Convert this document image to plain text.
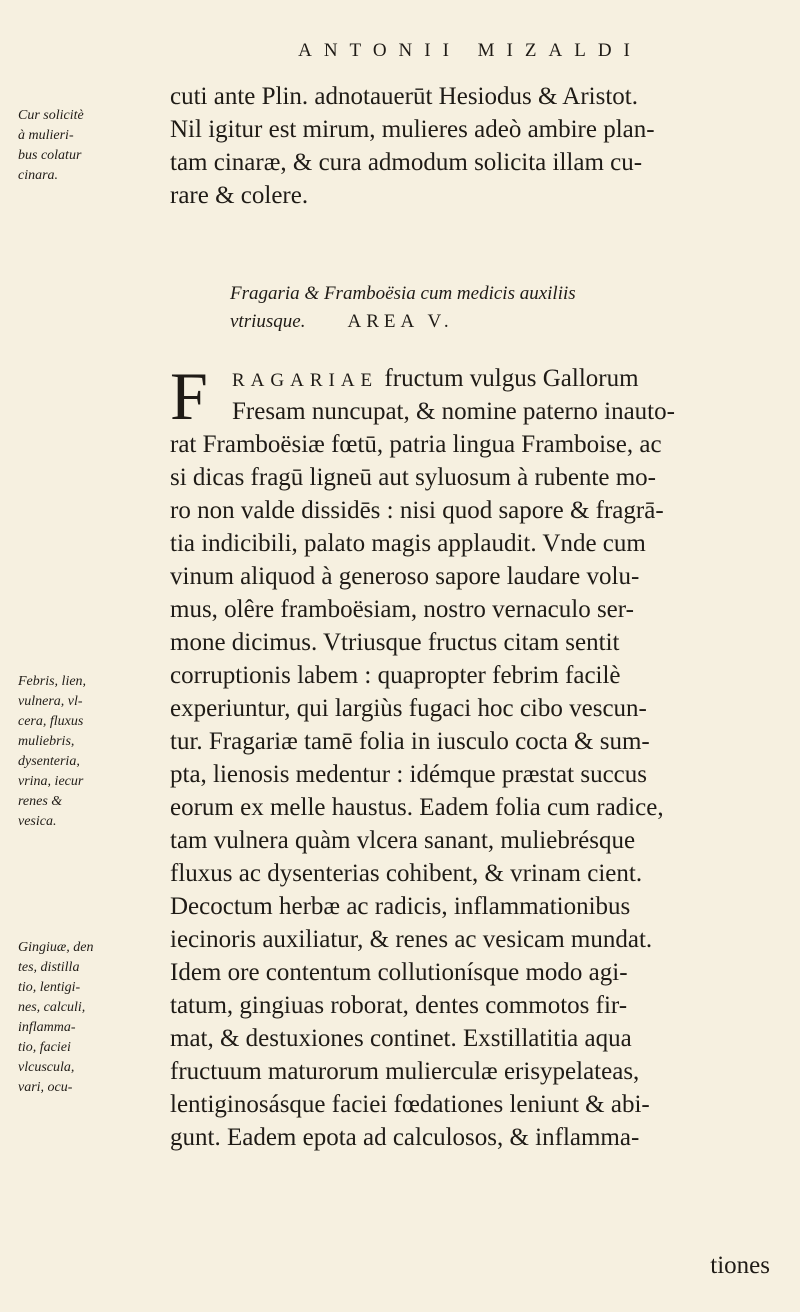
ANTONII MIZALDI
cuti ante Plin. adnotauerūt Hesiodus & Aristot.
Nil igitur est mirum, mulieres adeò ambire plan-
tam cinaræ, & cura admodum solicita illam cu-
rare & colere.
Cur solicitè
à mulieri-
bus colatur
cinara.
Febris, lien,
vulnera, vl-
cera, fluxus
muliebris,
dysenteria,
vrina, iecur
renes &
vesica.
Gingiuæ, den
tes, distilla
tio, lentigi-
nes, calculi,
inflamma-
tio, faciei
vlcuscula,
vari, ocu-
Fragaria & Framboësia cum medicis auxiliis
vtriusque. AREA V.
F	RAGARIAE fructum vulgus Gallorum
Fresam nuncupat, & nomine paterno inauto-
rat Framboësiæ fœtū, patria lingua Framboise, ac
si dicas fragū ligneū aut syluosum à rubente mo-
ro non valde dissidēs : nisi quod sapore & fragrā-
tia indicibili, palato magis applaudit. Vnde cum
vinum aliquod à generoso sapore laudare volu-
mus, olêre framboësiam, nostro vernaculo ser-
mone dicimus. Vtriusque fructus citam sentit
corruptionis labem : quapropter febrim facilè
experiuntur, qui largiùs fugaci hoc cibo vescun-
tur. Fragariæ tamē folia in iusculo cocta & sum-
pta, lienosis medentur : idémque præstat succus
eorum ex melle haustus. Eadem folia cum radice,
tam vulnera quàm vlcera sanant, muliebrésque
fluxus ac dysenterias cohibent, & vrinam cient.
Decoctum herbæ ac radicis, inflammationibus
iecinoris auxiliatur, & renes ac vesicam mundat.
Idem ore contentum collutionísque modo agi-
tatum, gingiuas roborat, dentes commotos fir-
mat, & destuxiones continet. Exstillatitia aqua
fructuum maturorum mulierculæ erisypelateas,
lentiginosásque faciei fœdationes leniunt & abi-
gunt. Eadem epota ad calculosos, & inflamma-
tiones
